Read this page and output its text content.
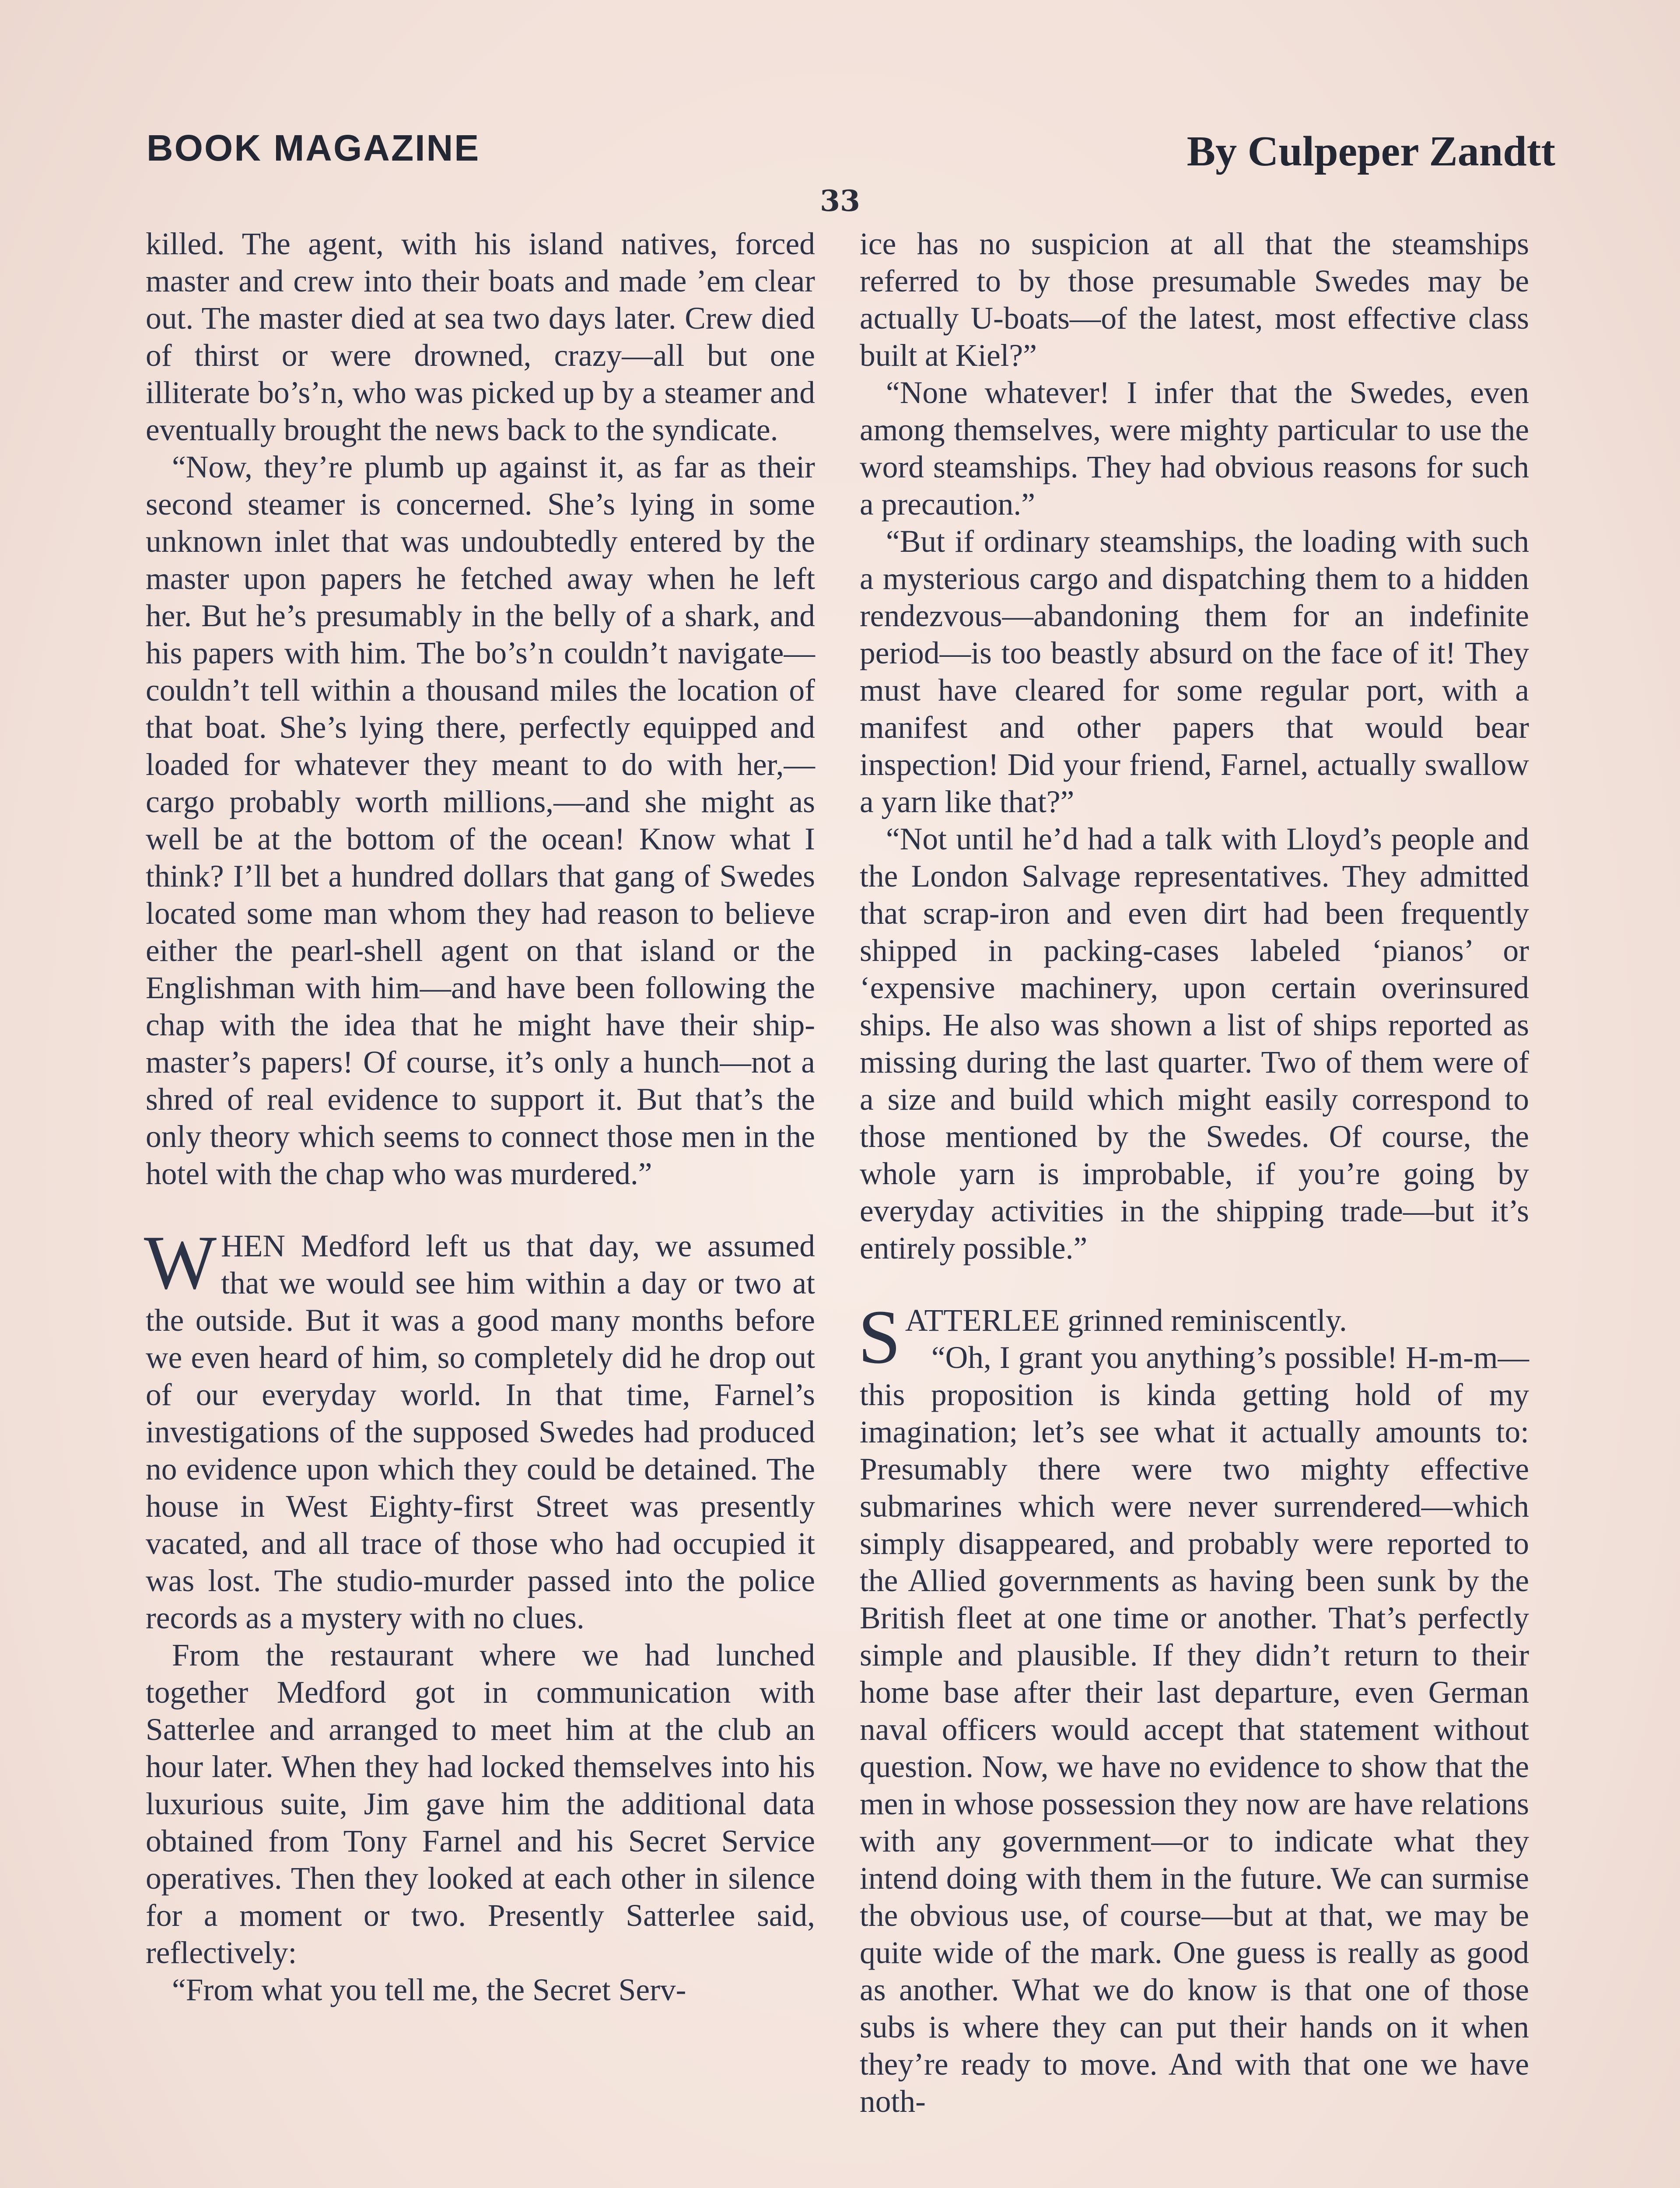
BOOK MAGAZINE	By Culpeper Zandtt
33

killed. The agent, with his island natives, forced master and crew into their boats and made ’em clear out. The master died at sea two days later. Crew died of thirst or were drowned, crazy—all but one illiterate bo’s’n, who was picked up by a steamer and eventually brought the news back to the syndicate.

“Now, they’re plumb up against it, as far as their second steamer is concerned. She’s lying in some unknown inlet that was undoubtedly entered by the master upon papers he fetched away when he left her. But he’s presumably in the belly of a shark, and his papers with him. The bo’s’n couldn’t navigate—couldn’t tell within a thousand miles the location of that boat. She’s lying there, perfectly equipped and loaded for whatever they meant to do with her,—cargo probably worth millions,—and she might as well be at the bottom of the ocean! Know what I think? I’ll bet a hundred dollars that gang of Swedes located some man whom they had reason to believe either the pearl-shell agent on that island or the Englishman with him—and have been following the chap with the idea that he might have their ship-master’s papers! Of course, it’s only a hunch—not a shred of real evidence to support it. But that’s the only theory which seems to connect those men in the hotel with the chap who was murdered.”

WHEN Medford left us that day, we assumed that we would see him within a day or two at the outside. But it was a good many months before we even heard of him, so completely did he drop out of our everyday world. In that time, Farnel’s investigations of the supposed Swedes had produced no evidence upon which they could be detained. The house in West Eighty-first Street was presently vacated, and all trace of those who had occupied it was lost. The studio-murder passed into the police records as a mystery with no clues.

From the restaurant where we had lunched together Medford got in communication with Satterlee and arranged to meet him at the club an hour later. When they had locked themselves into his luxurious suite, Jim gave him the additional data obtained from Tony Farnel and his Secret Service operatives. Then they looked at each other in silence for a moment or two. Presently Satterlee said, reflectively:

“From what you tell me, the Secret Serv-

ice has no suspicion at all that the steamships referred to by those presumable Swedes may be actually U-boats—of the latest, most effective class built at Kiel?”

“None whatever! I infer that the Swedes, even among themselves, were mighty particular to use the word steamships. They had obvious reasons for such a precaution.”

“But if ordinary steamships, the loading with such a mysterious cargo and dispatching them to a hidden rendezvous—abandoning them for an indefinite period—is too beastly absurd on the face of it! They must have cleared for some regular port, with a manifest and other papers that would bear inspection! Did your friend, Farnel, actually swallow a yarn like that?”

“Not until he’d had a talk with Lloyd’s people and the London Salvage representatives. They admitted that scrap-iron and even dirt had been frequently shipped in packing-cases labeled ‘pianos’ or ‘expensive machinery, upon certain overinsured ships. He also was shown a list of ships reported as missing during the last quarter. Two of them were of a size and build which might easily correspond to those mentioned by the Swedes. Of course, the whole yarn is improbable, if you’re going by everyday activities in the shipping trade—but it’s entirely possible.”

SATTERLEE grinned reminiscently.

“Oh, I grant you anything’s possible! H-m-m—this proposition is kinda getting hold of my imagination; let’s see what it actually amounts to: Presumably there were two mighty effective submarines which were never surrendered—which simply disappeared, and probably were reported to the Allied governments as having been sunk by the British fleet at one time or another. That’s perfectly simple and plausible. If they didn’t return to their home base after their last departure, even German naval officers would accept that statement without question. Now, we have no evidence to show that the men in whose possession they now are have relations with any government—or to indicate what they intend doing with them in the future. We can surmise the obvious use, of course—but at that, we may be quite wide of the mark. One guess is really as good as another. What we do know is that one of those subs is where they can put their hands on it when they’re ready to move. And with that one we have noth-
